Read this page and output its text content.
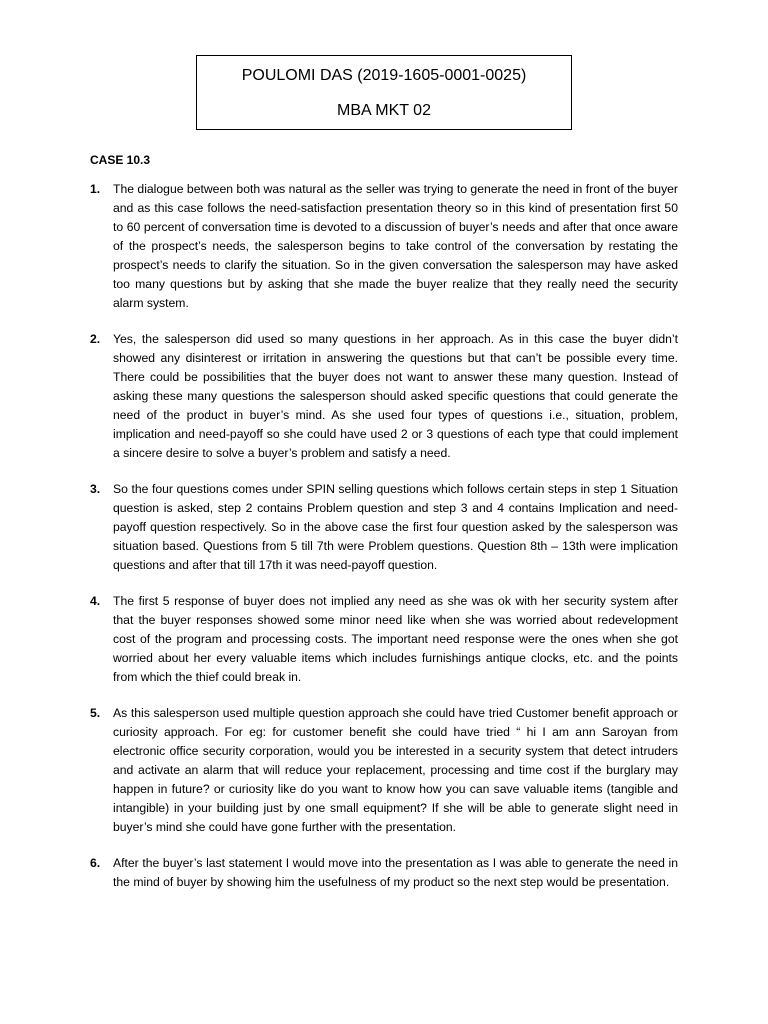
POULOMI DAS (2019-1605-0001-0025)
MBA MKT 02
CASE 10.3
1.	The dialogue between both was natural as the seller was trying to generate the need in front of the buyer and as this case follows the need-satisfaction presentation theory so in this kind of presentation first 50 to 60 percent of conversation time is devoted to a discussion of buyer’s needs and after that once aware of the prospect’s needs, the salesperson begins to take control of the conversation by restating the prospect’s needs to clarify the situation. So in the given conversation the salesperson may have asked too many questions but by asking that she made the buyer realize that they really need the security alarm system.
2.	Yes, the salesperson did used so many questions in her approach. As in this case the buyer didn’t showed any disinterest or irritation in answering the questions but that can’t be possible every time. There could be possibilities that the buyer does not want to answer these many question. Instead of asking these many questions the salesperson should asked specific questions that could generate the need of the product in buyer’s mind. As she used four types of questions i.e., situation, problem, implication and need-payoff so she could have used 2 or 3 questions of each type that could implement a sincere desire to solve a buyer’s problem and satisfy a need.
3.	So the four questions comes under SPIN selling questions which follows certain steps in step 1 Situation question is asked, step 2 contains Problem question and step 3 and 4 contains Implication and need-payoff question respectively. So in the above case the first four question asked by the salesperson was situation based. Questions from 5 till 7th were Problem questions. Question 8th – 13th were implication questions and after that till 17th it was need-payoff question.
4.	The first 5 response of buyer does not implied any need as she was ok with her security system after that the buyer responses showed some minor need like when she was worried about redevelopment cost of the program and processing costs. The important need response were the ones when she got worried about her every valuable items which includes furnishings antique clocks, etc. and the points from which the thief could break in.
5.	As this salesperson used multiple question approach she could have tried Customer benefit approach or curiosity approach. For eg: for customer benefit she could have tried “ hi I am ann Saroyan from electronic office security corporation, would you be interested in a security system that detect intruders and activate an alarm that will reduce your replacement, processing and time cost if the burglary may happen in future? or curiosity like do you want to know how you can save valuable items (tangible and intangible) in your building just by one small equipment? If she will be able to generate slight need in buyer’s mind she could have gone further with the presentation.
6.	After the buyer’s last statement I would move into the presentation as I was able to generate the need in the mind of buyer by showing him the usefulness of my product so the next step would be presentation.
